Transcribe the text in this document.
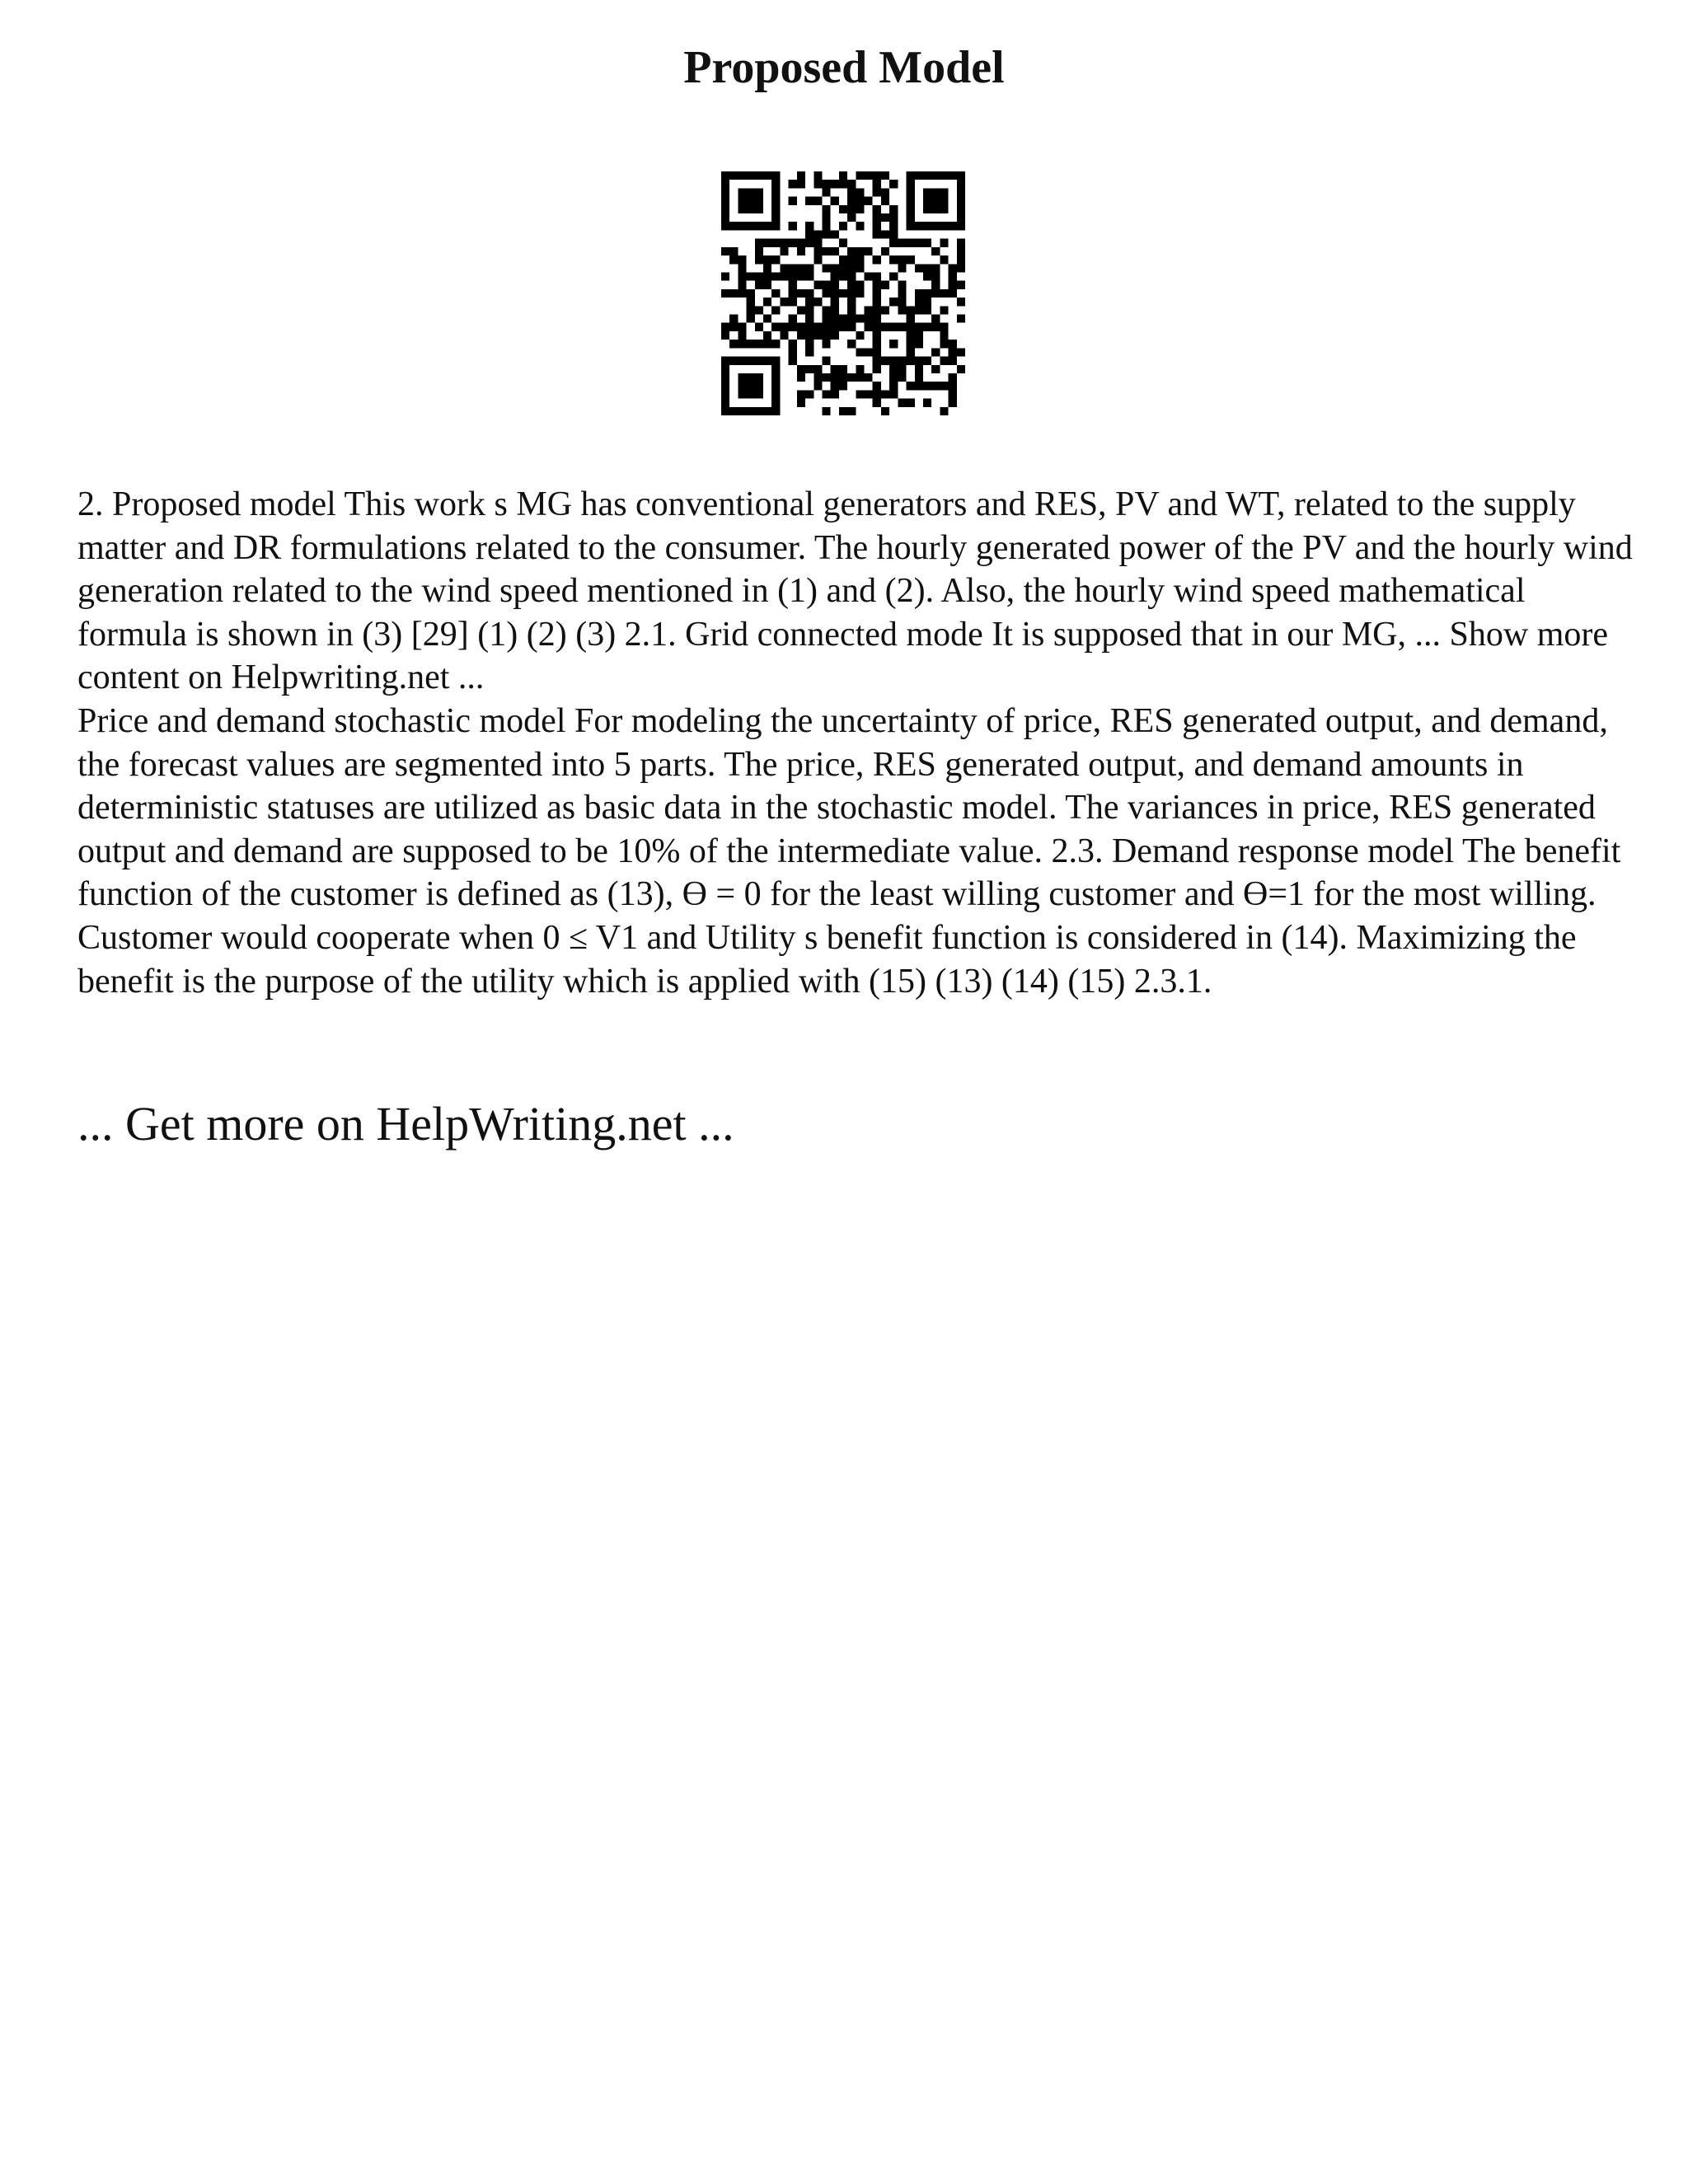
Proposed Model

2. Proposed model This work s MG has conventional generators and RES, PV and WT, related to the supply matter and DR formulations related to the consumer. The hourly generated power of the PV and the hourly wind generation related to the wind speed mentioned in (1) and (2). Also, the hourly wind speed mathematical formula is shown in (3) [29] (1) (2) (3) 2.1. Grid connected mode It is supposed that in our MG, ... Show more content on Helpwriting.net ...

Price and demand stochastic model For modeling the uncertainty of price, RES generated output, and demand, the forecast values are segmented into 5 parts. The price, RES generated output, and demand amounts in deterministic statuses are utilized as basic data in the stochastic model. The variances in price, RES generated output and demand are supposed to be 10% of the intermediate value. 2.3. Demand response model The benefit function of the customer is defined as (13), Ɵ = 0 for the least willing customer and Ɵ=1 for the most willing. Customer would cooperate when 0 ≤ V1 and Utility s benefit function is considered in (14). Maximizing the benefit is the purpose of the utility which is applied with (15) (13) (14) (15) 2.3.1.

... Get more on HelpWriting.net ...
